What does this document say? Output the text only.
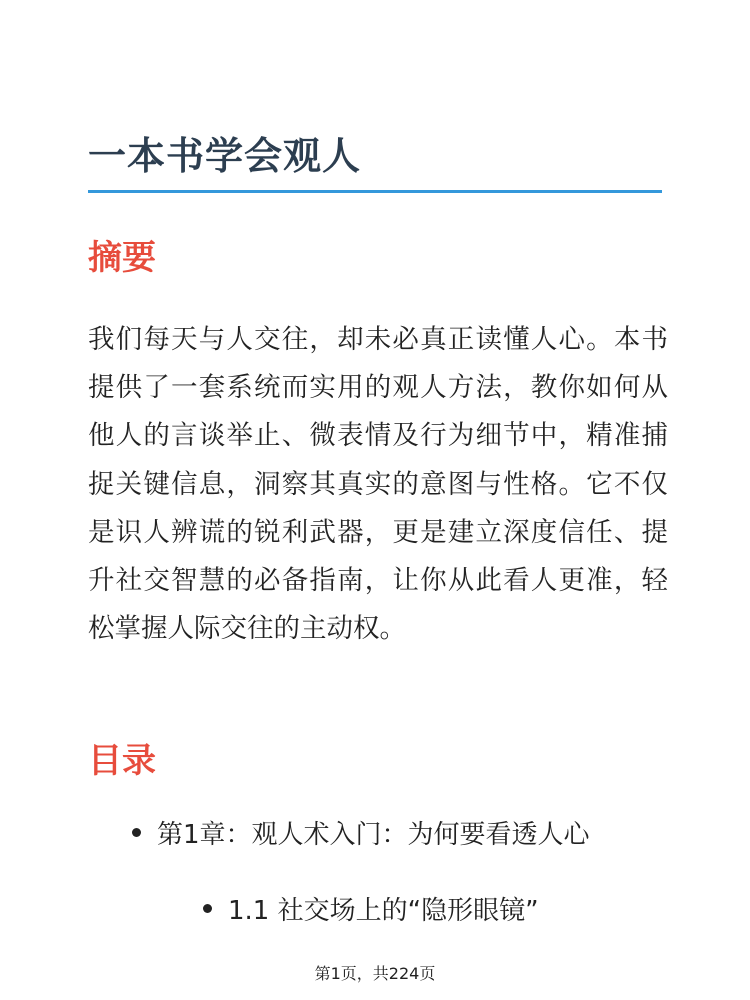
一本书学会观人
摘要

我们每天与人交往，却未必真正读懂人心。本书提供了一套系统而实用的观人方法，教你如何从他人的言谈举止、微表情及行为细节中，精准捕捉关键信息，洞察其真实的意图与性格。它不仅是识人辨谎的锐利武器，更是建立深度信任、提升社交智慧的必备指南，让你从此看人更准，轻松掌握人际交往的主动权。

目录
第1章：观人术入门：为何要看透人心
1.1 社交场上的“隐形眼镜”
第1页，共224页
